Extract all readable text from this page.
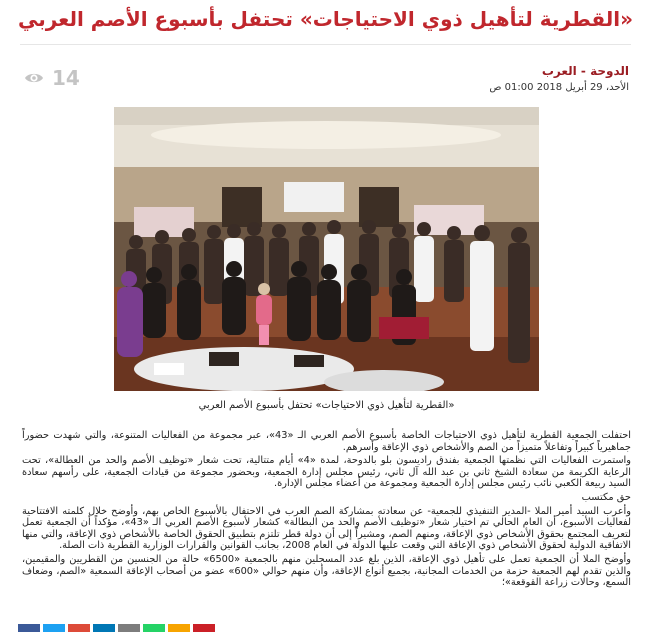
«القطرية لتأهيل ذوي الاحتياجات» تحتفل بأسبوع الأصم العربي
14	الدوحة - العرب
الأحد، 29 أبريل 2018 01:00 ص
«القطرية لتأهيل ذوي الاحتياجات» تحتفل بأسبوع الأصم العربي

احتفلت الجمعية القطرية لتأهيل ذوي الاحتياجات الخاصة بأسبوع الأصم العربي الـ «43»، عبر مجموعة من الفعاليات المتنوعة، والتي شهدت حضوراً جماهيرياً كبيراً وتفاعلاً متميزاً من الصم والأشخاص ذوي الإعاقة وأسرهم.

واستمرت الفعاليات التي نظمتها الجمعية بفندق راديسون بلو بالدوحة، لمدة «4» أيام متتالية، تحت شعار «توظيف الأصم والحد من العطالة»، تحت الرعاية الكريمة من سعادة الشيخ ثاني بن عبد الله آل ثاني، رئيس مجلس إدارة الجمعية، وبحضور مجموعة من قيادات الجمعية، على رأسهم سعادة السيد ربيعة الكعبي نائب رئيس مجلس إدارة الجمعية ومجموعة من أعضاء مجلس الإدارة.

حق مكتسب

وأعرب السيد أمير الملا -المدير التنفيذي للجمعية- عن سعادته بمشاركة الصم العرب في الاحتفال بالأسبوع الخاص بهم، وأوضح خلال كلمته الافتتاحية لفعاليات الأسبوع، أن العام الحالي تم اختيار شعار «توظيف الأصم والحد من البطالة» كشعار لأسبوع الأصم العربي الـ «43»، مؤكداً أن الجمعية تعمل لتعريف المجتمع بحقوق الأشخاص ذوي الإعاقة، ومنهم الصم، ومشيراً إلى أن دولة قطر تلتزم بتطبيق الحقوق الخاصة بالأشخاص ذوي الإعاقة، والتي منها الاتفاقية الدولية لحقوق الأشخاص ذوي الإعاقة التي وقعت عليها الدولة في العام 2008، بجانب القوانين والقرارات الوزارية القطرية ذات الصلة.

وأوضح الملا أن الجمعية تعمل على تأهيل ذوي الإعاقة، الذين بلغ عدد المسجلين منهم بالجمعية «6500» حالة من الجنسين من القطريين والمقيمين، والذين تقدم لهم الجمعية حزمة من الخدمات المجانية، بجميع أنواع الإعاقة، وأن منهم حوالي «600» عضو من أصحاب الإعاقة السمعية «الصم، وضعاف السمع، وحالات زراعة القوقعة»؛
